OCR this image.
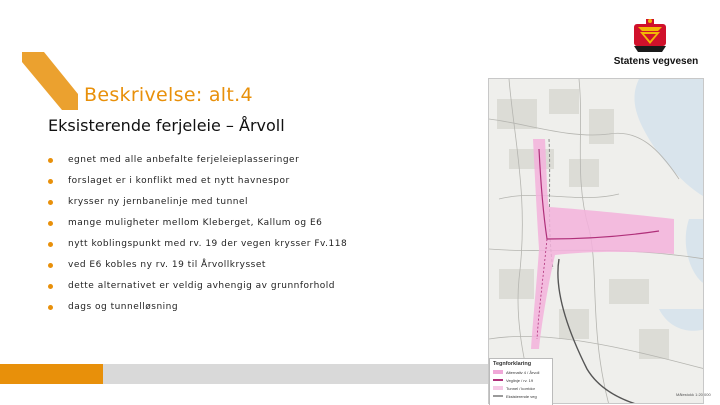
Beskrivelse: alt.4
Eksisterende ferjeleie – Årvoll
egnet med alle anbefalte ferjeleieplasseringer
forslaget er i konflikt med et nytt havnespor
krysser ny jernbanelinje med tunnel
mange muligheter mellom Kleberget, Kallum og E6
nytt koblingspunkt med rv. 19 der vegen krysser Fv.118
ved E6 kobles ny rv. 19 til Årvollkrysset
dette alternativet er veldig avhengig av grunnforhold
dags og tunnelløsning
Statens vegvesen
Tegnforklaring
Alternativ 4 / Årvoll
Veglinje / rv. 19
Tunnel / korridor
Eksisterende veg	Målestokk 1:20 000
